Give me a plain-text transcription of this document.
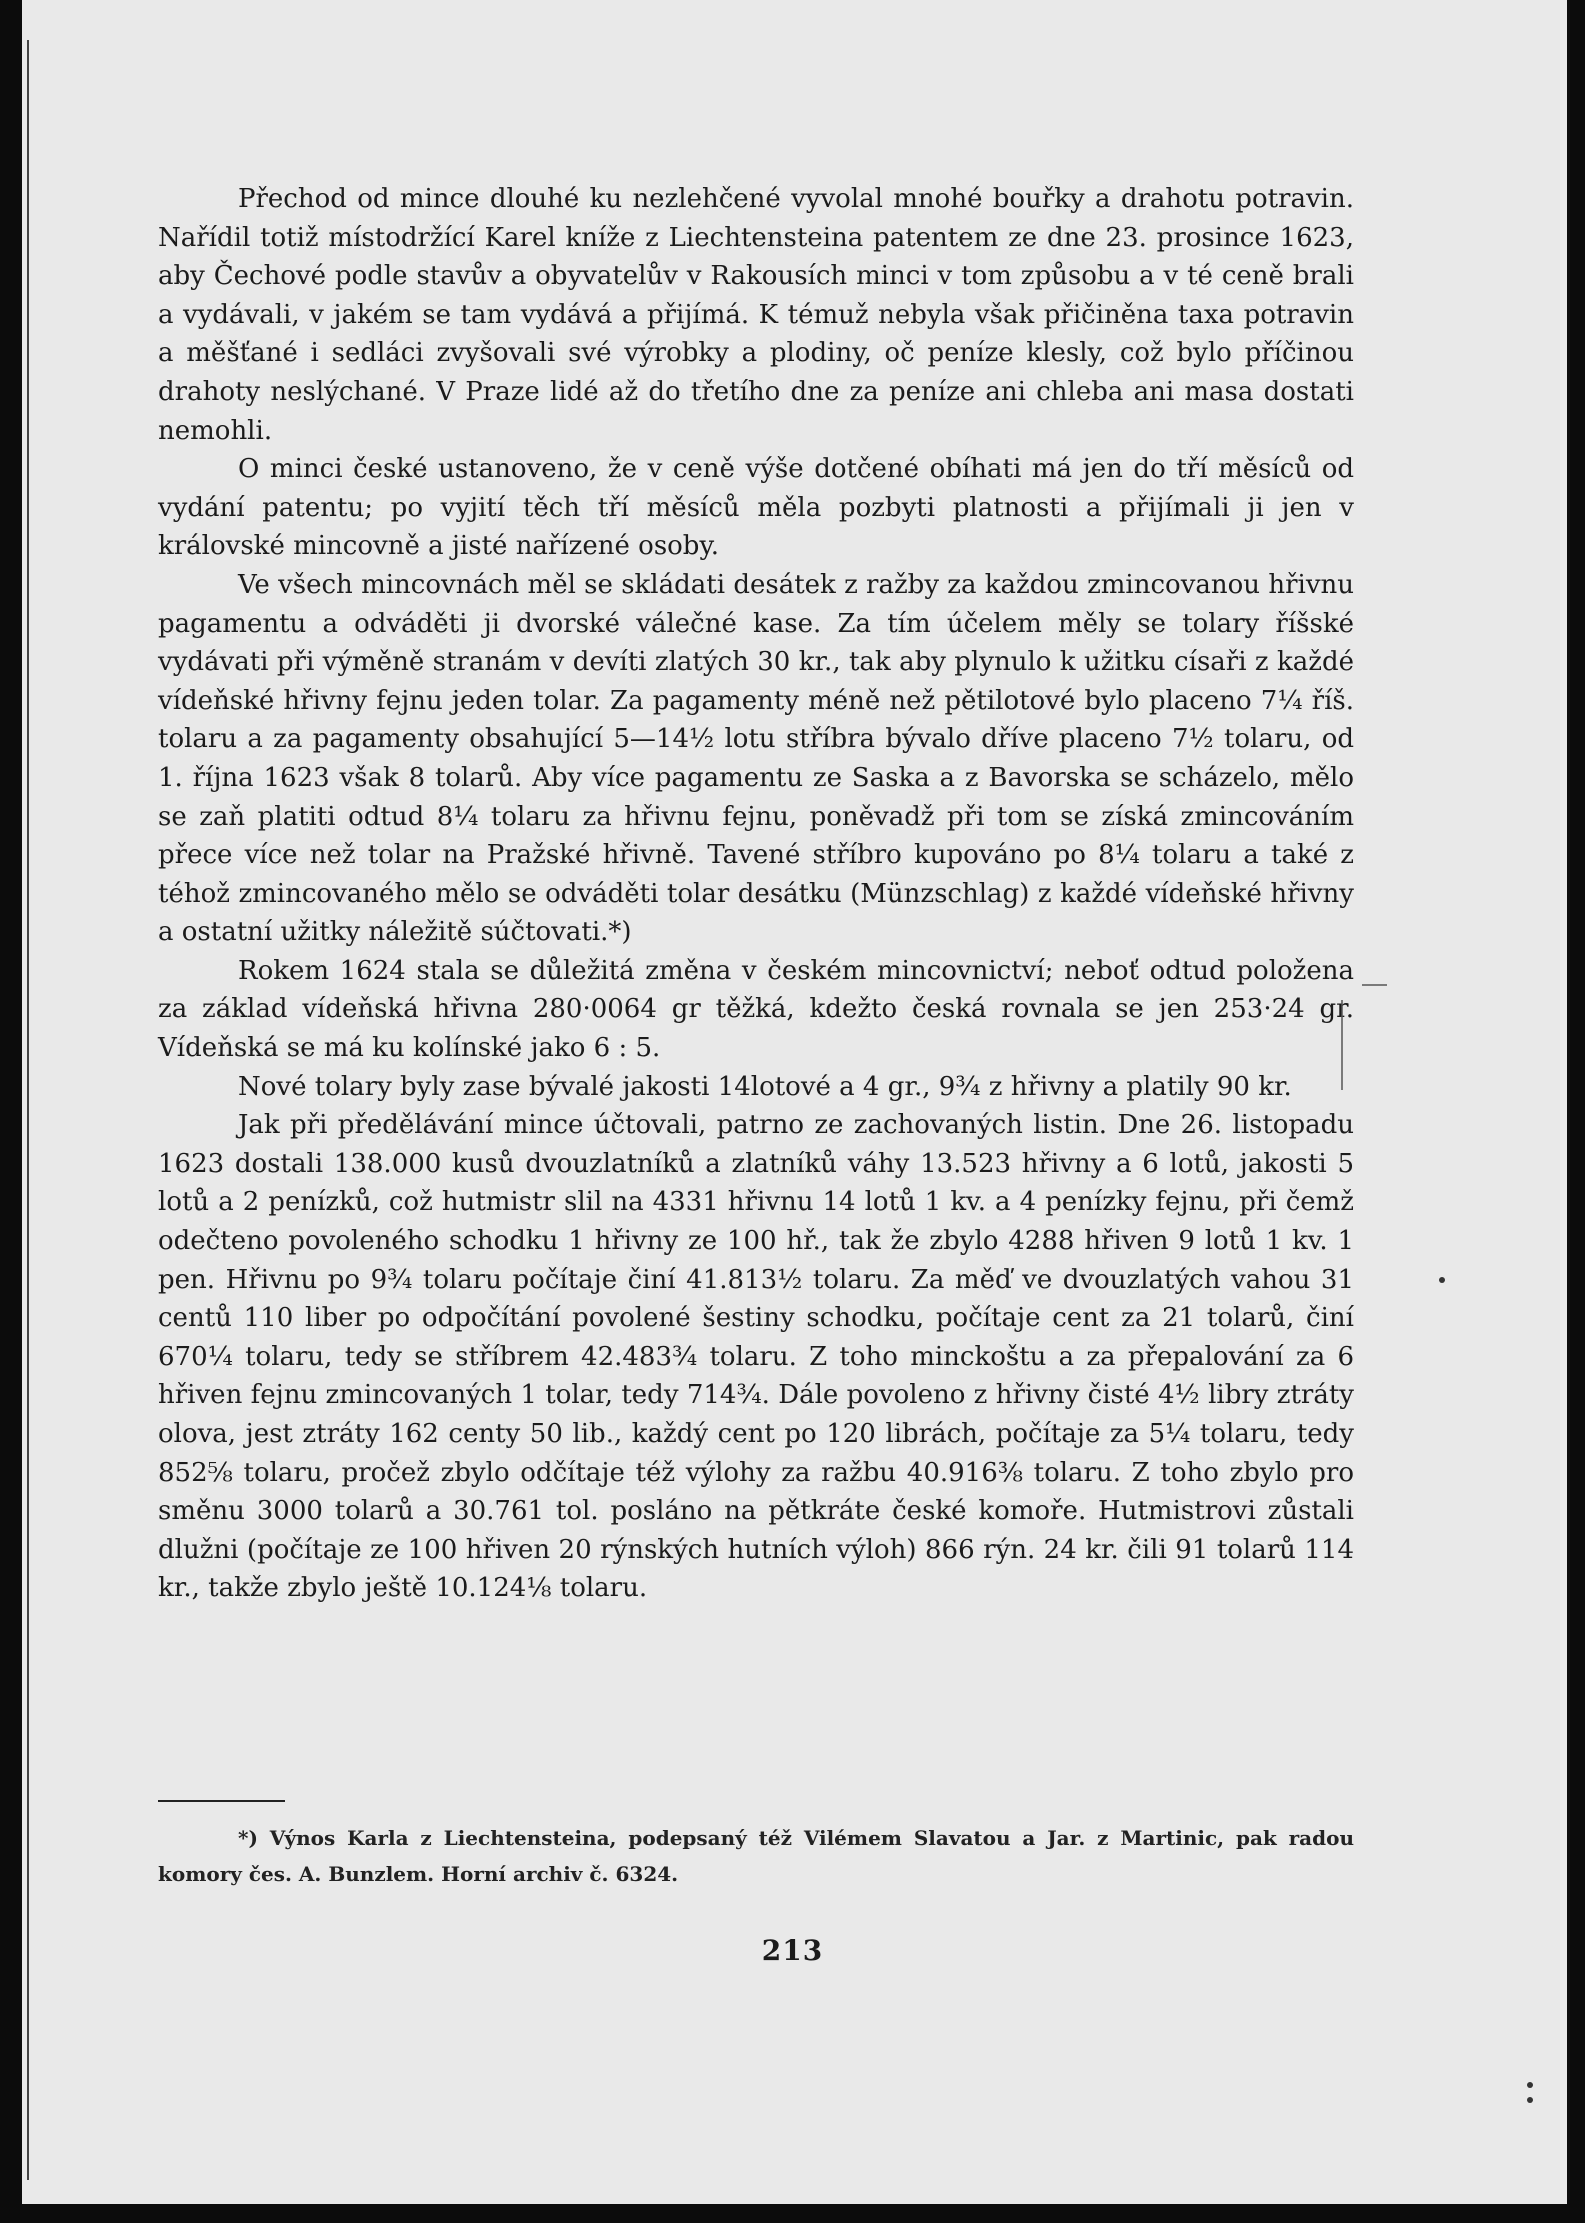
Přechod od mince dlouhé ku nezlehčené vyvolal mnohé bouřky a drahotu potravin. Nařídil totiž místodržící Karel kníže z Liechtensteina patentem ze dne 23. prosince 1623, aby Čechové podle stavův a obyvatelův v Rakousích minci v tom způsobu a v té ceně brali a vydávali, v jakém se tam vydává a přijímá. K témuž nebyla však přičiněna taxa potravin a měšťané i sedláci zvyšovali své výrobky a plodiny, oč peníze klesly, což bylo příčinou drahoty neslýchané. V Praze lidé až do třetího dne za peníze ani chleba ani masa dostati nemohli.

O minci české ustanoveno, že v ceně výše dotčené obíhati má jen do tří měsíců od vydání patentu; po vyjití těch tří měsíců měla pozbyti platnosti a přijímali ji jen v královské mincovně a jisté nařízené osoby.

Ve všech mincovnách měl se skládati desátek z ražby za každou zmincovanou hřivnu pagamentu a odváděti ji dvorské válečné kase. Za tím účelem měly se tolary říšské vydávati při výměně stranám v devíti zlatých 30 kr., tak aby plynulo k užitku císaři z každé vídeňské hřivny fejnu jeden tolar. Za pagamenty méně než pětilotové bylo placeno 7¼ říš. tolaru a za pagamenty obsahující 5—14½ lotu stříbra bývalo dříve placeno 7½ tolaru, od 1. října 1623 však 8 tolarů. Aby více pagamentu ze Saska a z Bavorska se scházelo, mělo se zaň platiti odtud 8¼ tolaru za hřivnu fejnu, poněvadž při tom se získá zmincováním přece více než tolar na Pražské hřivně. Tavené stříbro kupováno po 8¼ tolaru a také z téhož zmincovaného mělo se odváděti tolar desátku (Münzschlag) z každé vídeňské hřivny a ostatní užitky náležitě súčtovati.*)

Rokem 1624 stala se důležitá změna v českém mincovnictví; neboť odtud položena za základ vídeňská hřivna 280·0064 gr těžká, kdežto česká rovnala se jen 253·24 gr. Vídeňská se má ku kolínské jako 6 : 5.

Nové tolary byly zase bývalé jakosti 14lotové a 4 gr., 9¾ z hřivny a platily 90 kr.

Jak při předělávání mince účtovali, patrno ze zachovaných listin. Dne 26. listopadu 1623 dostali 138.000 kusů dvouzlatníků a zlatníků váhy 13.523 hřivny a 6 lotů, jakosti 5 lotů a 2 penízků, což hutmistr slil na 4331 hřivnu 14 lotů 1 kv. a 4 penízky fejnu, při čemž odečteno povoleného schodku 1 hřivny ze 100 hř., tak že zbylo 4288 hřiven 9 lotů 1 kv. 1 pen. Hřivnu po 9¾ tolaru počítaje činí 41.813½ tolaru. Za měď ve dvouzlatých vahou 31 centů 110 liber po odpočítání povolené šestiny schodku, počítaje cent za 21 tolarů, činí 670¼ tolaru, tedy se stříbrem 42.483¾ tolaru. Z toho minckoštu a za přepalování za 6 hřiven fejnu zmincovaných 1 tolar, tedy 714¾. Dále povoleno z hřivny čisté 4½ libry ztráty olova, jest ztráty 162 centy 50 lib., každý cent po 120 librách, počítaje za 5¼ tolaru, tedy 852⅝ tolaru, pročež zbylo odčítaje též výlohy za ražbu 40.916⅜ tolaru. Z toho zbylo pro směnu 3000 tolarů a 30.761 tol. posláno na pětkráte české komoře. Hutmistrovi zůstali dlužni (počítaje ze 100 hřiven 20 rýnských hutních výloh) 866 rýn. 24 kr. čili 91 tolarů 114 kr., takže zbylo ještě 10.124⅛ tolaru.

*) Výnos Karla z Liechtensteina, podepsaný též Vilémem Slavatou a Jar. z Martinic, pak radou komory čes. A. Bunzlem. Horní archiv č. 6324.
213
